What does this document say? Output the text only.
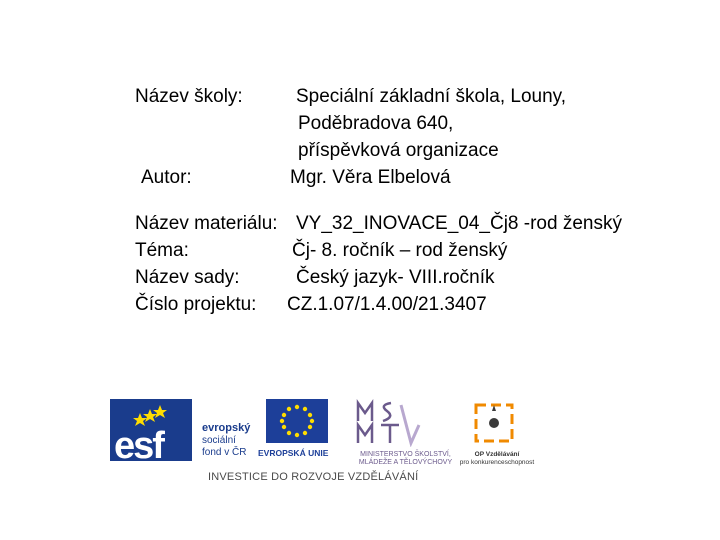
Název školy:	Speciální základní škola, Louny,
Poděbradova 640,
příspěvková organizace
Autor:	Mgr. Věra Elbelová
Název materiálu: VY_32_INOVACE_04_Čj8 -rod ženský
Téma:	Čj- 8. ročník – rod ženský
Název sady:	Český jazyk- VIII.ročník
Číslo projektu: CZ.1.07/1.4.00/21.3407
esf	evropský
sociální
fond v ČR	EVROPSKÁ UNIE	MINISTERSTVO ŠKOLSTVÍ,
MLÁDEŽE A TĚLOVÝCHOVY
OP Vzdělávání
pro konkurenceschopnost
INVESTICE DO ROZVOJE VZDĚLÁVÁNÍ
